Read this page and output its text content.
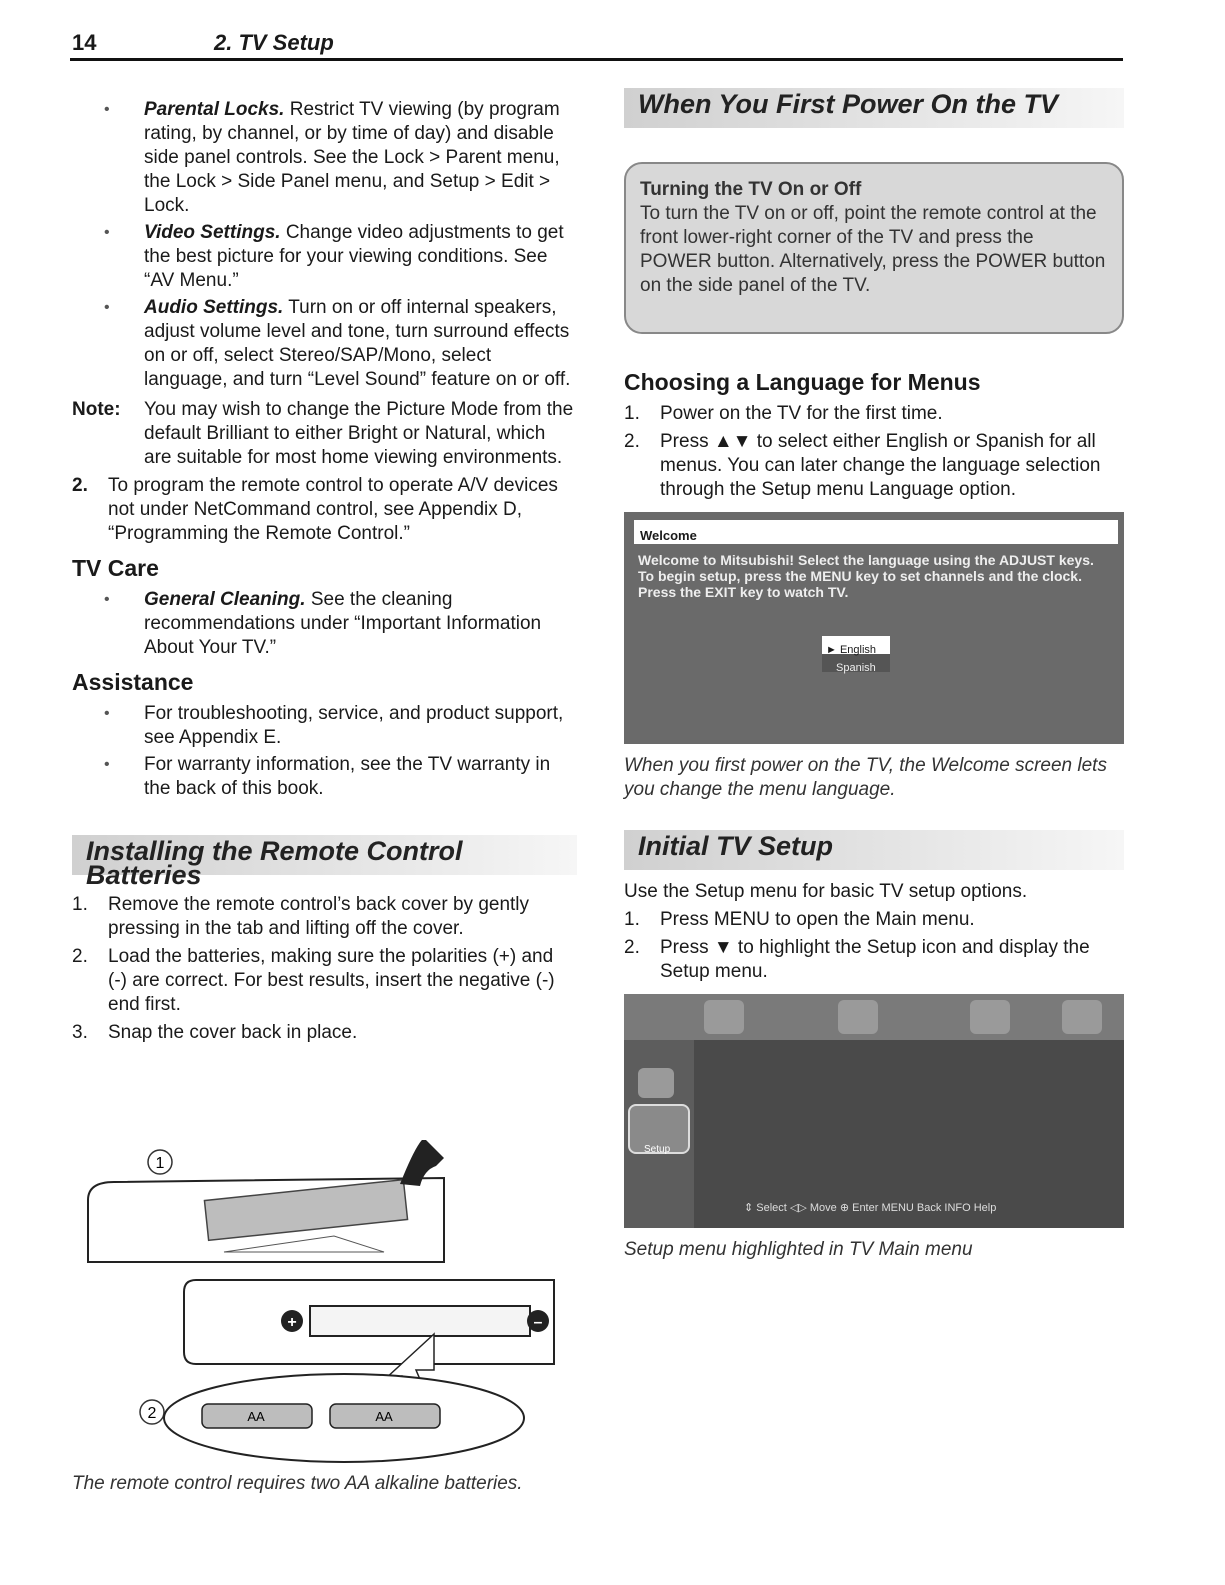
14	2. TV Setup
• Parental Locks. Restrict TV viewing (by program rating, by channel, or by time of day) and disable side panel controls. See the Lock > Parent menu, the Lock > Side Panel menu, and Setup > Edit > Lock.
• Video Settings. Change video adjustments to get the best picture for your viewing conditions. See “AV Menu.”
• Audio Settings. Turn on or off internal speakers, adjust volume level and tone, turn surround effects on or off, select Stereo/SAP/Mono, select language, and turn “Level Sound” feature on or off.
Note: You may wish to change the Picture Mode from the default Brilliant to either Bright or Natural, which are suitable for most home viewing environments.
2. To program the remote control to operate A/V devices not under NetCommand control, see Appendix D, “Programming the Remote Control.”
TV Care
• General Cleaning. See the cleaning recommendations under “Important Information About Your TV.”
Assistance
• For troubleshooting, service, and product support, see Appendix E.
• For warranty information, see the TV warranty in the back of this book.
Installing the Remote Control Batteries
1. Remove the remote control’s back cover by gently pressing in the tab and lifting off the cover.
2. Load the batteries, making sure the polarities (+) and (-) are correct. For best results, insert the negative (-) end first.
3. Snap the cover back in place.
1
+	–
2	AA	AA
The remote control requires two AA alkaline batteries.
When You First Power On the TV
Turning the TV On or Off
To turn the TV on or off, point the remote control at the front lower-right corner of the TV and press the POWER button. Alternatively, press the POWER button on the side panel of the TV.
Choosing a Language for Menus
1. Power on the TV for the first time.
2. Press ▲▼ to select either English or Spanish for all menus. You can later change the language selection through the Setup menu Language option.
Welcome
Welcome to Mitsubishi! Select the language using the ADJUST keys.
To begin setup, press the MENU key to set channels and the clock.
Press the EXIT key to watch TV.
► English
Spanish
When you first power on the TV, the Welcome screen lets you change the menu language.
Initial TV Setup
Use the Setup menu for basic TV setup options.
1. Press MENU to open the Main menu.
2. Press ▼ to highlight the Setup icon and display the Setup menu.
Setup
⇕ Select ◁▷ Move ⊕ Enter MENU Back INFO Help
Setup menu highlighted in TV Main menu
